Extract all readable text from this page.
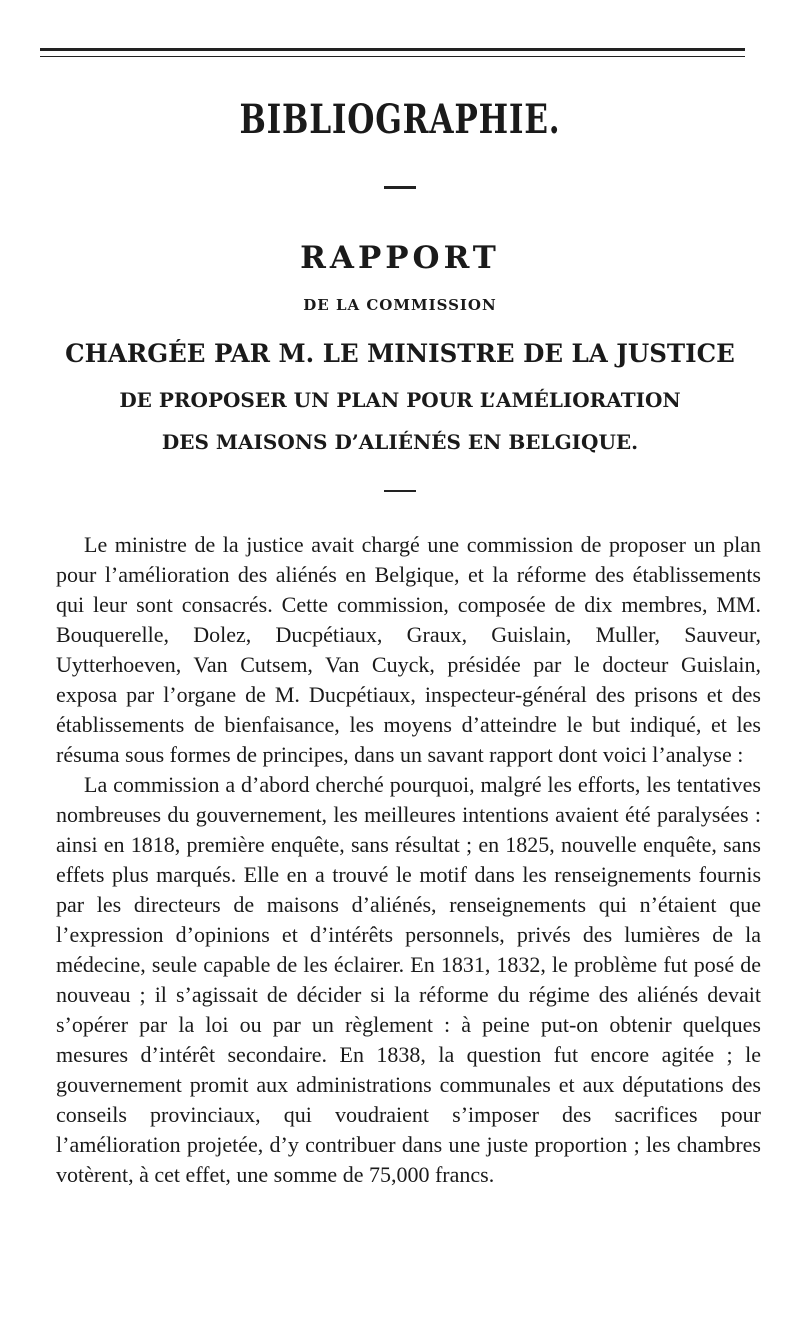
BIBLIOGRAPHIE.
RAPPORT
DE LA COMMISSION
CHARGÉE PAR M. LE MINISTRE DE LA JUSTICE
DE PROPOSER UN PLAN POUR L’AMÉLIORATION
DES MAISONS D’ALIÉNÉS EN BELGIQUE.

Le ministre de la justice avait chargé une commission de proposer un plan pour l’amélioration des aliénés en Belgique, et la réforme des établissements qui leur sont consacrés. Cette commission, composée de dix membres, MM. Bouquerelle, Dolez, Ducpétiaux, Graux, Guislain, Muller, Sauveur, Uytterhoeven, Van Cutsem, Van Cuyck, présidée par le docteur Guislain, exposa par l’organe de M. Ducpétiaux, inspecteur-général des prisons et des établissements de bienfaisance, les moyens d’atteindre le but indiqué, et les résuma sous formes de principes, dans un savant rapport dont voici l’analyse :

La commission a d’abord cherché pourquoi, malgré les efforts, les tentatives nombreuses du gouvernement, les meilleures intentions avaient été paralysées : ainsi en 1818, première enquête, sans résultat ; en 1825, nouvelle enquête, sans effets plus marqués. Elle en a trouvé le motif dans les renseignements fournis par les directeurs de maisons d’aliénés, renseignements qui n’étaient que l’expression d’opinions et d’intérêts personnels, privés des lumières de la médecine, seule capable de les éclairer. En 1831, 1832, le problème fut posé de nouveau ; il s’agissait de décider si la réforme du régime des aliénés devait s’opérer par la loi ou par un règlement : à peine put-on obtenir quelques mesures d’intérêt secondaire. En 1838, la question fut encore agitée ; le gouvernement promit aux administrations communales et aux députations des conseils provinciaux, qui voudraient s’imposer des sacrifices pour l’amélioration projetée, d’y contribuer dans une juste proportion ; les chambres votèrent, à cet effet, une somme de 75,000 francs.
